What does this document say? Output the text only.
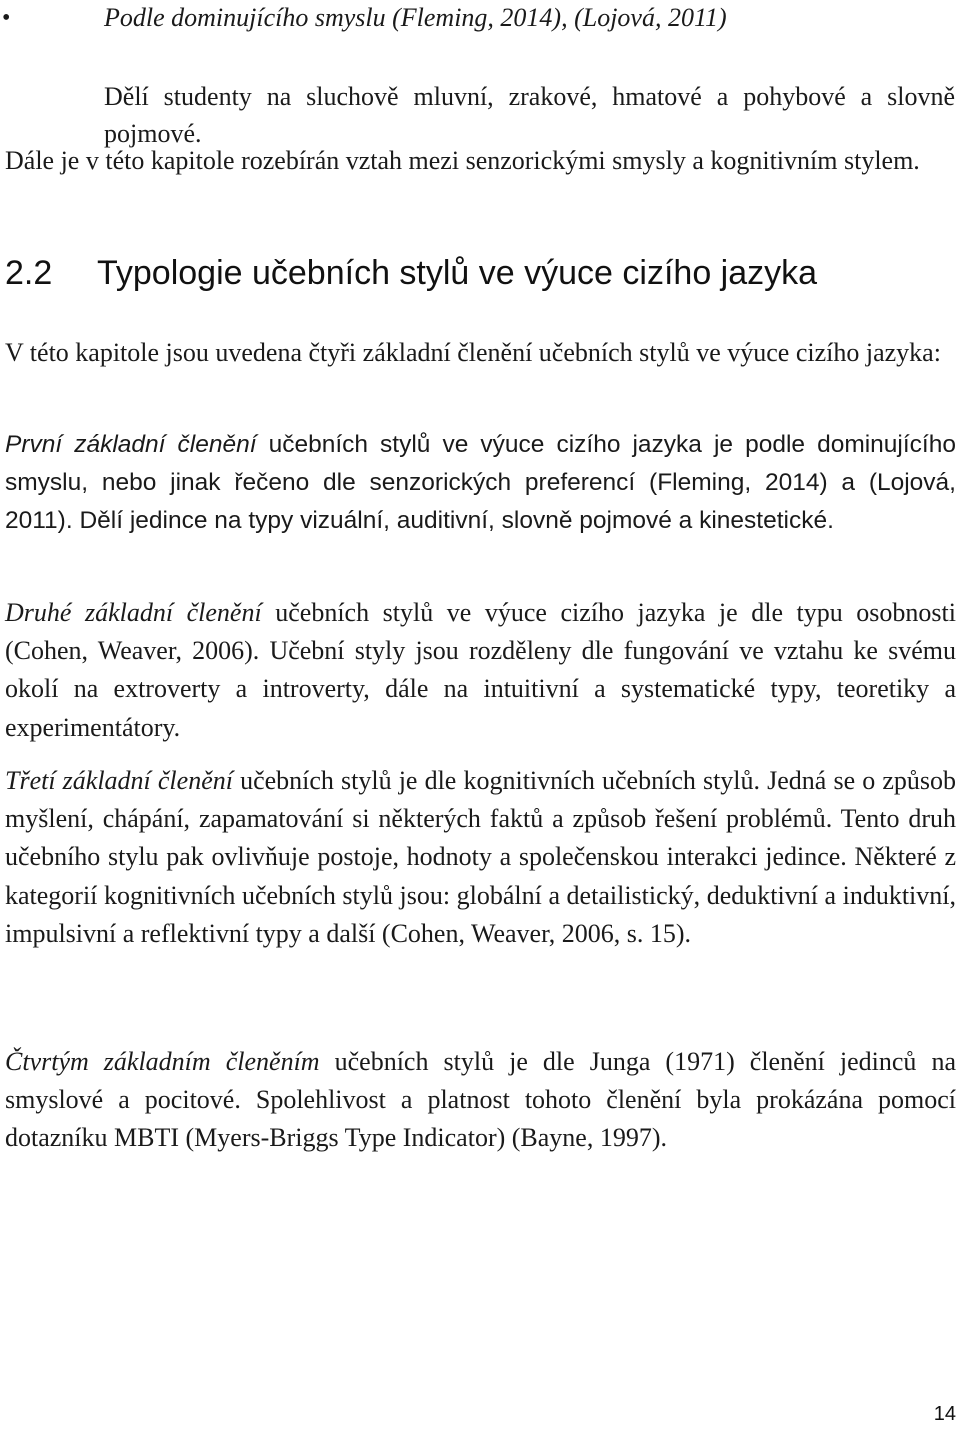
•	Podle dominujícího smyslu (Fleming, 2014), (Lojová, 2011)

Dělí studenty na sluchově mluvní, zrakové, hmatové a pohybové a slovně pojmové.

Dále je v této kapitole rozebírán vztah mezi senzorickými smysly a kognitivním stylem.

2.2 Typologie učebních stylů ve výuce cizího jazyka

V této kapitole jsou uvedena čtyři základní členění učebních stylů ve výuce cizího jazyka:

První základní členění učebních stylů ve výuce cizího jazyka je podle dominujícího smyslu, nebo jinak řečeno dle senzorických preferencí (Fleming, 2014) a (Lojová, 2011). Dělí jedince na typy vizuální, auditivní, slovně pojmové a kinestetické.

Druhé základní členění učebních stylů ve výuce cizího jazyka je dle typu osobnosti (Cohen, Weaver, 2006). Učební styly jsou rozděleny dle fungování ve vztahu ke svému okolí na extroverty a introverty, dále na intuitivní a systematické typy, teoretiky a experimentátory.

Třetí základní členění učebních stylů je dle kognitivních učebních stylů. Jedná se o způsob myšlení, chápání, zapamatování si některých faktů a způsob řešení problémů. Tento druh učebního stylu pak ovlivňuje postoje, hodnoty a společenskou interakci jedince. Některé z kategorií kognitivních učebních stylů jsou: globální a detailistický, deduktivní a induktivní, impulsivní a reflektivní typy a další (Cohen, Weaver, 2006, s. 15).

Čtvrtým základním členěním učebních stylů je dle Junga (1971) členění jedinců na smyslové a pocitové. Spolehlivost a platnost tohoto členění byla prokázána pomocí dotazníku MBTI (Myers-Briggs Type Indicator) (Bayne, 1997).

14
